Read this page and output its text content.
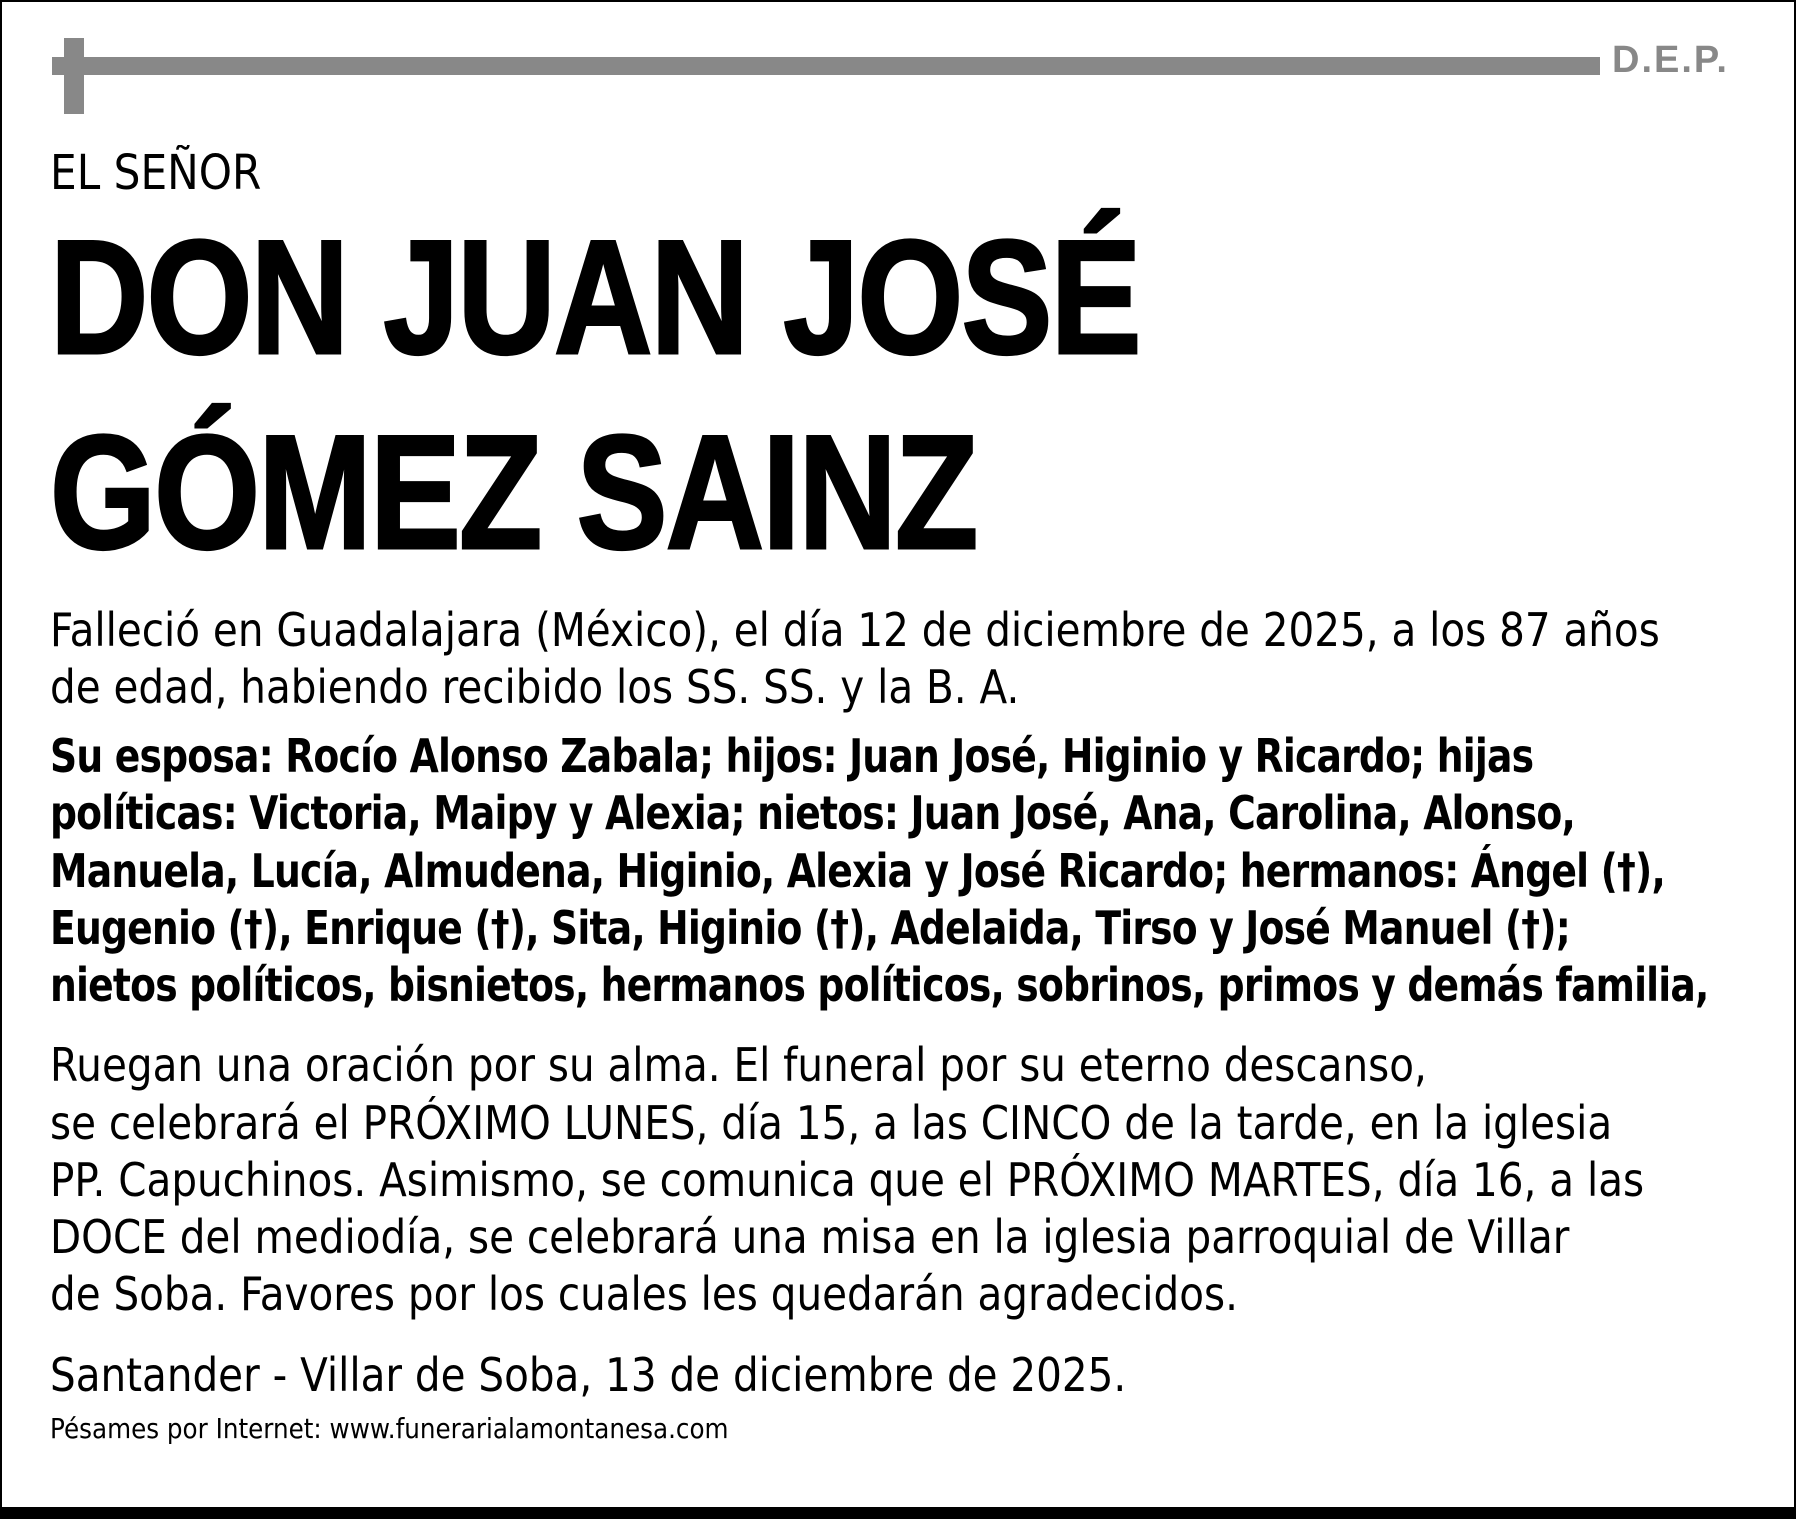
D.E.P.
EL SEÑOR
DON JUAN JOSÉ
GÓMEZ SAINZ
Falleció en Guadalajara (México), el día 12 de diciembre de 2025, a los 87 años
de edad, habiendo recibido los SS. SS. y la B. A.
Su esposa: Rocío Alonso Zabala; hijos: Juan José, Higinio y Ricardo; hijas
políticas: Victoria, Maipy y Alexia; nietos: Juan José, Ana, Carolina, Alonso,
Manuela, Lucía, Almudena, Higinio, Alexia y José Ricardo; hermanos: Ángel (†),
Eugenio (†), Enrique (†), Sita, Higinio (†), Adelaida, Tirso y José Manuel (†);
nietos políticos, bisnietos, hermanos políticos, sobrinos, primos y demás familia,
Ruegan una oración por su alma. El funeral por su eterno descanso,
se celebrará el PRÓXIMO LUNES, día 15, a las CINCO de la tarde, en la iglesia
PP. Capuchinos. Asimismo, se comunica que el PRÓXIMO MARTES, día 16, a las
DOCE del mediodía, se celebrará una misa en la iglesia parroquial de Villar
de Soba. Favores por los cuales les quedarán agradecidos.
Santander - Villar de Soba, 13 de diciembre de 2025.
Pésames por Internet: www.funerarialamontanesa.com
